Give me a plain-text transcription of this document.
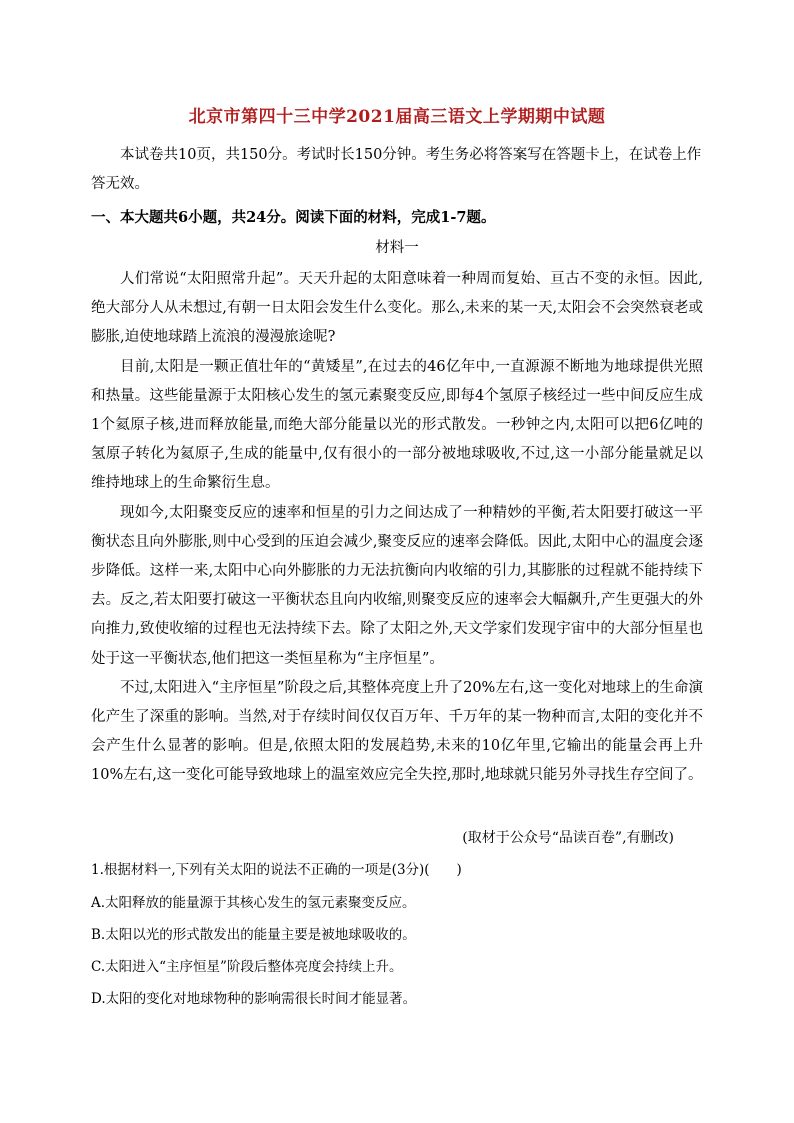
北京市第四十三中学2021届高三语文上学期期中试题

本试卷共10页，共150分。考试时长150分钟。考生务必将答案写在答题卡上，在试卷上作答无效。

一、本大题共6小题，共24分。阅读下面的材料，完成1-7题。
材料一

人们常说“太阳照常升起”。天天升起的太阳意味着一种周而复始、亘古不变的永恒。因此,绝大部分人从未想过,有朝一日太阳会发生什么变化。那么,未来的某一天,太阳会不会突然衰老或膨胀,迫使地球踏上流浪的漫漫旅途呢?

目前,太阳是一颗正值壮年的“黄矮星”,在过去的46亿年中,一直源源不断地为地球提供光照和热量。这些能量源于太阳核心发生的氢元素聚变反应,即每4个氢原子核经过一些中间反应生成1个氦原子核,进而释放能量,而绝大部分能量以光的形式散发。一秒钟之内,太阳可以把6亿吨的氢原子转化为氦原子,生成的能量中,仅有很小的一部分被地球吸收,不过,这一小部分能量就足以维持地球上的生命繁衍生息。

现如今,太阳聚变反应的速率和恒星的引力之间达成了一种精妙的平衡,若太阳要打破这一平衡状态且向外膨胀,则中心受到的压迫会减少,聚变反应的速率会降低。因此,太阳中心的温度会逐步降低。这样一来,太阳中心向外膨胀的力无法抗衡向内收缩的引力,其膨胀的过程就不能持续下去。反之,若太阳要打破这一平衡状态且向内收缩,则聚变反应的速率会大幅飙升,产生更强大的外向推力,致使收缩的过程也无法持续下去。除了太阳之外,天文学家们发现宇宙中的大部分恒星也处于这一平衡状态,他们把这一类恒星称为“主序恒星”。

不过,太阳进入“主序恒星”阶段之后,其整体亮度上升了20%左右,这一变化对地球上的生命演化产生了深重的影响。当然,对于存续时间仅仅百万年、千万年的某一物种而言,太阳的变化并不会产生什么显著的影响。但是,依照太阳的发展趋势,未来的10亿年里,它输出的能量会再上升10%左右,这一变化可能导致地球上的温室效应完全失控,那时,地球就只能另外寻找生存空间了。

(取材于公众号“品读百卷”,有删改)
1.根据材料一,下列有关太阳的说法不正确的一项是(3分)(　　)
A.太阳释放的能量源于其核心发生的氢元素聚变反应。
B.太阳以光的形式散发出的能量主要是被地球吸收的。
C.太阳进入“主序恒星”阶段后整体亮度会持续上升。
D.太阳的变化对地球物种的影响需很长时间才能显著。
